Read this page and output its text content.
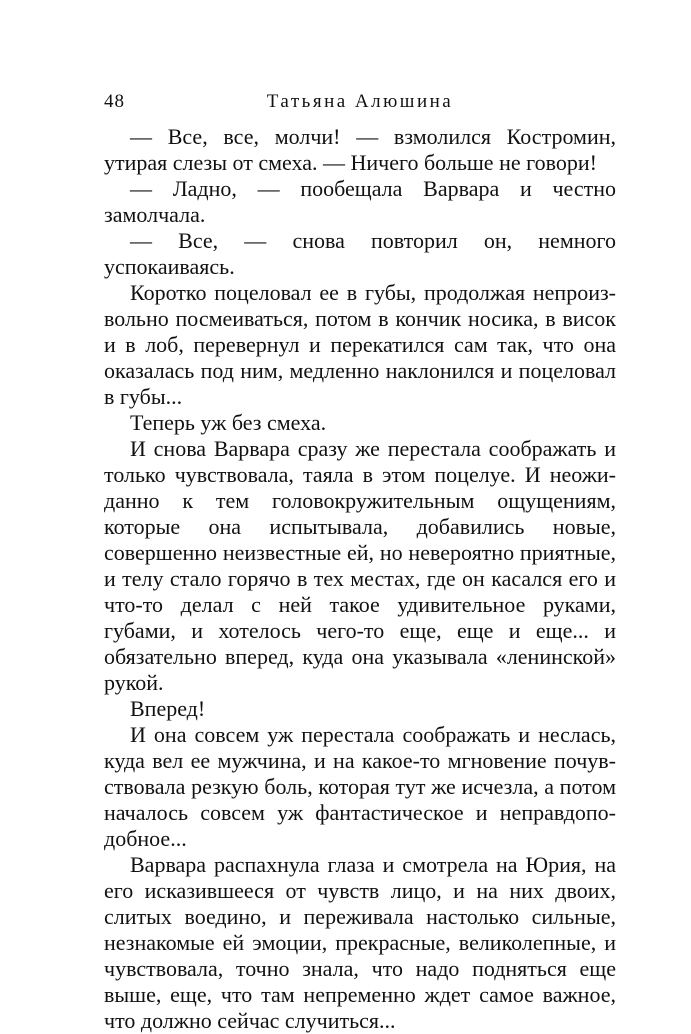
48	Татьяна Алюшина

— Все, все, молчи! — взмолился Костромин, утирая слезы от смеха. — Ничего больше не говори!

— Ладно, — пообещала Варвара и честно замолчала.

— Все, — снова повторил он, немного успокаиваясь.

Коротко поцеловал ее в губы, продолжая непроизвольно посмеиваться, потом в кончик носика, в висок и в лоб, перевернул и перекатился сам так, что она оказалась под ним, медленно наклонился и поцеловал в губы...

Теперь уж без смеха.

И снова Варвара сразу же перестала соображать и только чувствовала, таяла в этом поцелуе. И неожиданно к тем головокружительным ощущениям, которые она испытывала, добавились новые, совершенно неизвестные ей, но невероятно приятные, и телу стало горячо в тех местах, где он касался его и что-то делал с ней такое удивительное руками, губами, и хотелось чего-то еще, еще и еще... и обязательно вперед, куда она указывала «ленинской» рукой.

Вперед!

И она совсем уж перестала соображать и неслась, куда вел ее мужчина, и на какое-то мгновение почувствовала резкую боль, которая тут же исчезла, а потом началось совсем уж фантастическое и неправдоподобное...

Варвара распахнула глаза и смотрела на Юрия, на его исказившееся от чувств лицо, и на них двоих, слитых воедино, и переживала настолько сильные, незнакомые ей эмоции, прекрасные, великолепные, и чувствовала, точно знала, что надо подняться еще выше, еще, что там непременно ждет самое важное, что должно сейчас случиться...
